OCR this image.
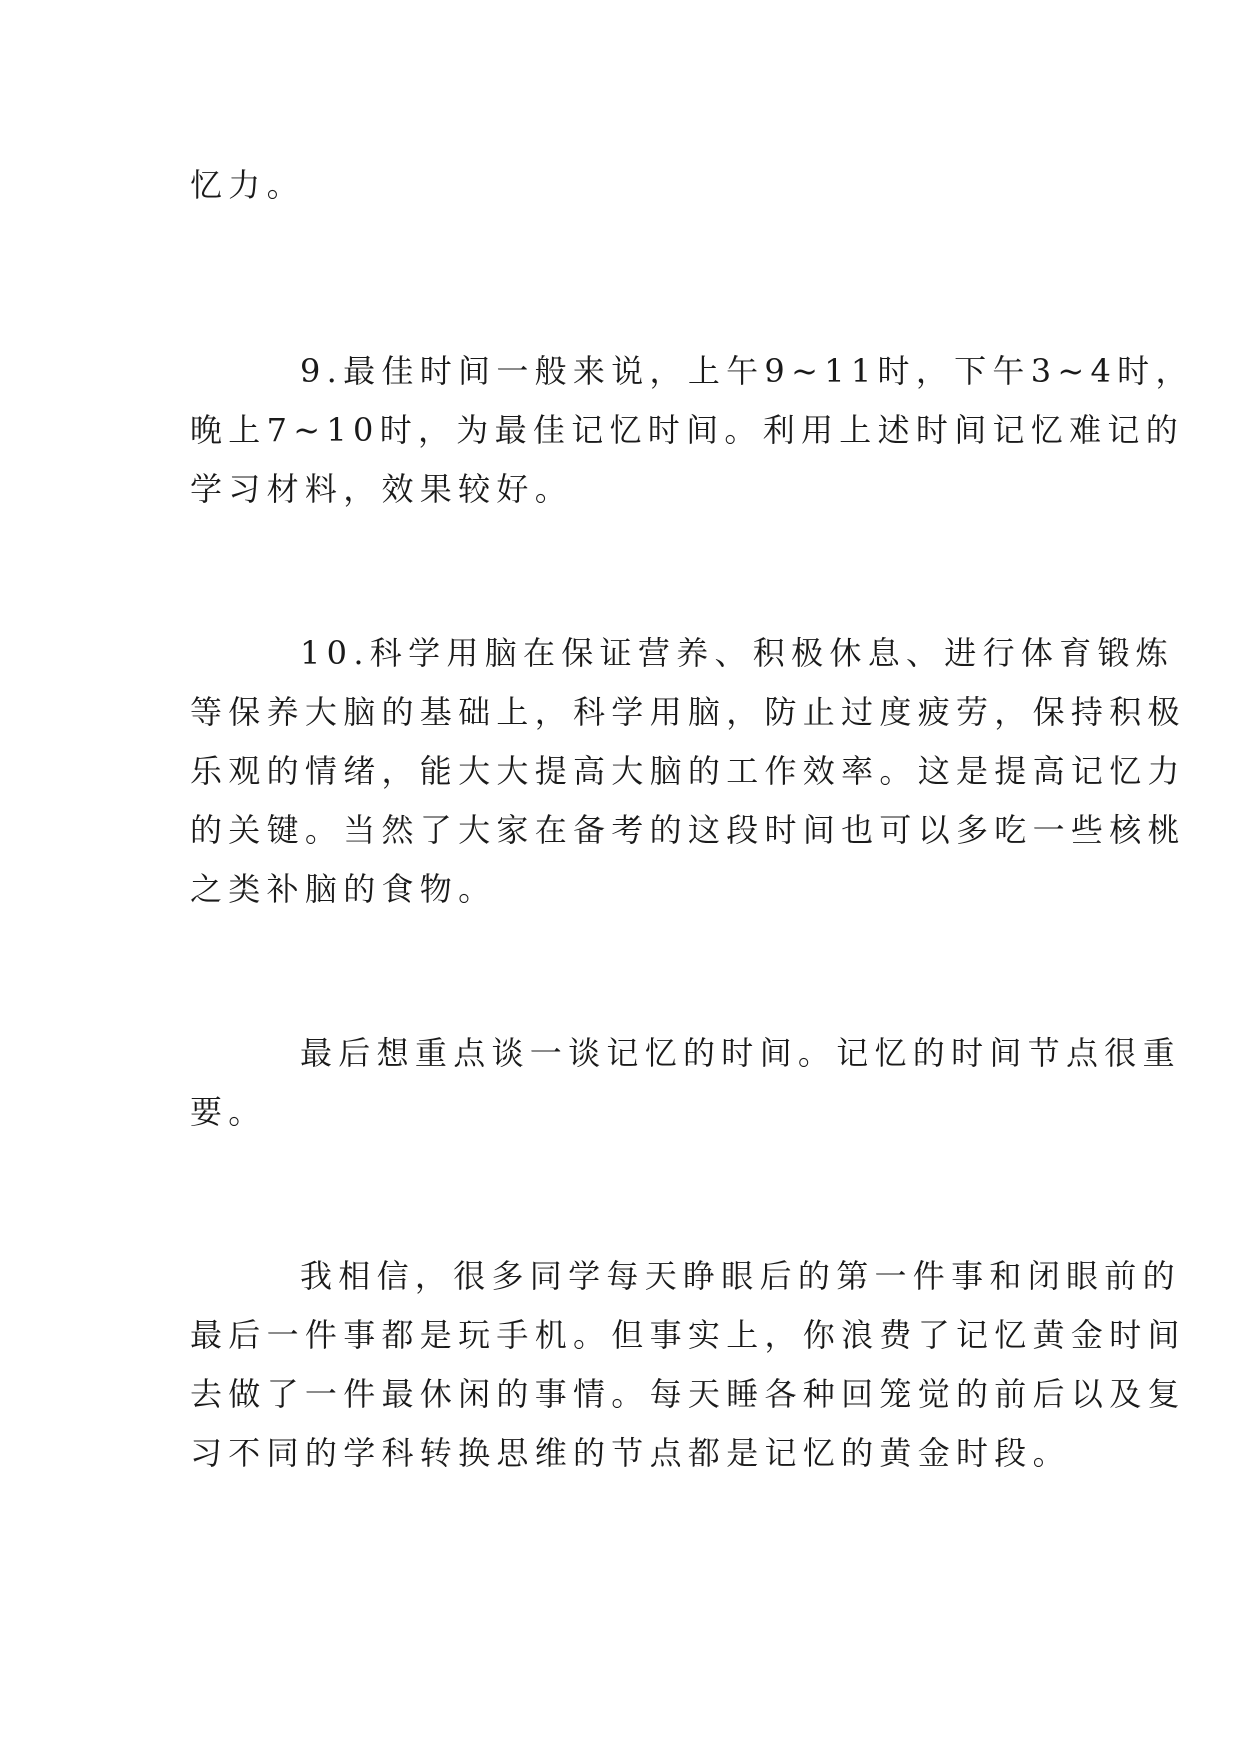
忆力。
9.最佳时间一般来说，上午9~11时，下午3~4时，
晚上7~10时，为最佳记忆时间。利用上述时间记忆难记的
学习材料，效果较好。
10.科学用脑在保证营养、积极休息、进行体育锻炼
等保养大脑的基础上，科学用脑，防止过度疲劳，保持积极
乐观的情绪，能大大提高大脑的工作效率。这是提高记忆力
的关键。当然了大家在备考的这段时间也可以多吃一些核桃
之类补脑的食物。
最后想重点谈一谈记忆的时间。记忆的时间节点很重
要。
我相信，很多同学每天睁眼后的第一件事和闭眼前的
最后一件事都是玩手机。但事实上，你浪费了记忆黄金时间
去做了一件最休闲的事情。每天睡各种回笼觉的前后以及复
习不同的学科转换思维的节点都是记忆的黄金时段。
